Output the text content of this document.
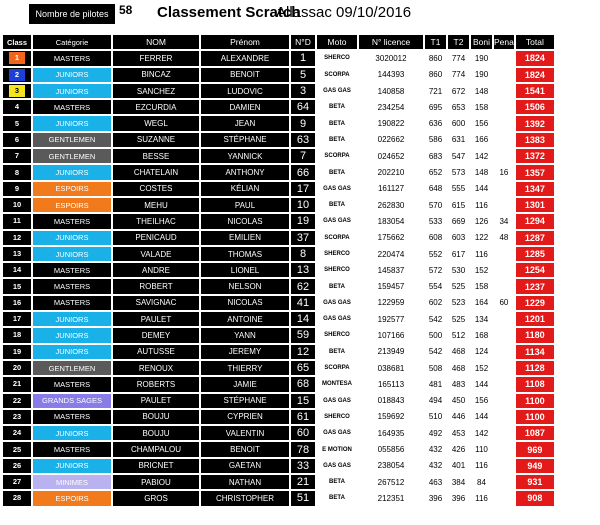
Nombre de pilotes 58 Classement Scratch
Allassac 09/10/2016
Class	Catégorie	NOM	Prénom	N°D	Moto	N° licence	T1	T2	Boni	Pena	Total
1	MASTERS	FERRER	ALEXANDRE	1	SHERCO	3020012	860	774	190		1824
2	JUNIORS	BINCAZ	BENOIT	5	SCORPA	144393	860	774	190		1824
3	JUNIORS	SANCHEZ	LUDOVIC	3	GAS GAS	140858	721	672	148		1541
4	MASTERS	EZCURDIA	DAMIEN	64	BETA	234254	695	653	158		1506
5	JUNIORS	WEGL	JEAN	9	BETA	190822	636	600	156		1392
6	GENTLEMEN	SUZANNE	STÉPHANE	63	BETA	022662	586	631	166		1383
7	GENTLEMEN	BESSE	YANNICK	7	SCORPA	024652	683	547	142		1372
8	JUNIORS	CHATELAIN	ANTHONY	66	BETA	202210	652	573	148	16	1357
9	ESPOIRS	COSTES	KÉLIAN	17	GAS GAS	161127	648	555	144		1347
10	ESPOIRS	MEHU	PAUL	10	BETA	262830	570	615	116		1301
11	MASTERS	THEILHAC	NICOLAS	19	GAS GAS	183054	533	669	126	34	1294
12	JUNIORS	PENICAUD	EMILIEN	37	SCORPA	175662	608	603	122	48	1287
13	JUNIORS	VALADE	THOMAS	8	SHERCO	220474	552	617	116		1285
14	MASTERS	ANDRE	LIONEL	13	SHERCO	145837	572	530	152		1254
15	MASTERS	ROBERT	NELSON	62	BETA	159457	554	525	158		1237
16	MASTERS	SAVIGNAC	NICOLAS	41	GAS GAS	122959	602	523	164	60	1229
17	JUNIORS	PAULET	ANTOINE	14	GAS GAS	192577	542	525	134		1201
18	JUNIORS	DEMEY	YANN	59	SHERCO	107166	500	512	168		1180
19	JUNIORS	AUTUSSE	JEREMY	12	BETA	213949	542	468	124		1134
20	GENTLEMEN	RENOUX	THIERRY	65	SCORPA	038681	508	468	152		1128
21	MASTERS	ROBERTS	JAMIE	68	MONTESA	165113	481	483	144		1108
22	GRANDS SAGES	PAULET	STÉPHANE	15	GAS GAS	018843	494	450	156		1100
23	MASTERS	BOUJU	CYPRIEN	61	SHERCO	159692	510	446	144		1100
24	JUNIORS	BOUJU	VALENTIN	60	GAS GAS	164935	492	453	142		1087
25	MASTERS	CHAMPALOU	BENOIT	78	E MOTION	055856	432	426	110		969
26	JUNIORS	BRICNET	GAETAN	33	GAS GAS	238054	432	401	116		949
27	MINIMES	PABIOU	NATHAN	21	BETA	267512	463	384	84		931
28	ESPOIRS	GROS	CHRISTOPHER	51	BETA	212351	396	396	116		908
